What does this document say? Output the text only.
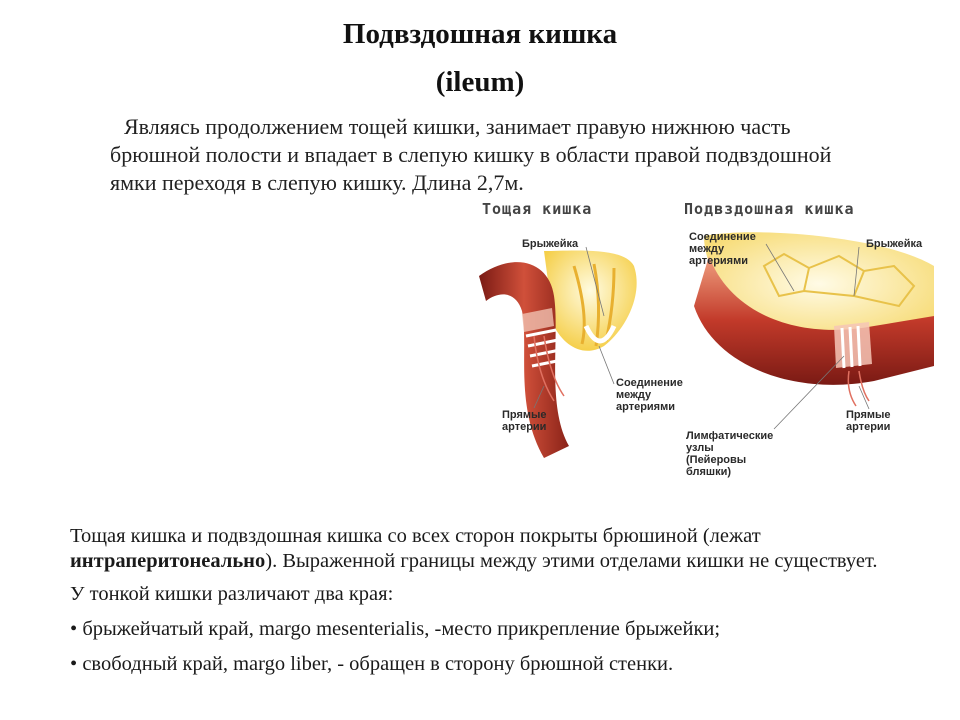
Подвздошная кишка
(ileum)
Являясь продолжением тощей кишки, занимает правую нижнюю часть брюшной полости и впадает в слепую кишку в области правой подвздошной ямки переходя в слепую кишку. Длина 2,7м.
Тощая кишка	Подвздошная кишка
Брыжейка
Соединение
между
артериями
Брыжейка
Соединение
между
артериями
Прямые
артерии
Прямые
артерии
Лимфатические
узлы
(Пейеровы
бляшки)

Тощая кишка и подвздошная кишка со всех сторон покрыты брюшиной (лежат интраперитонеально). Выраженной границы между этими отделами кишки не существует.

У тонкой кишки различают два края:

• брыжейчатый край, margo mesenterialis, -место прикрепление брыжейки;

• свободный край, margo liber, - обращен в сторону брюшной стенки.
